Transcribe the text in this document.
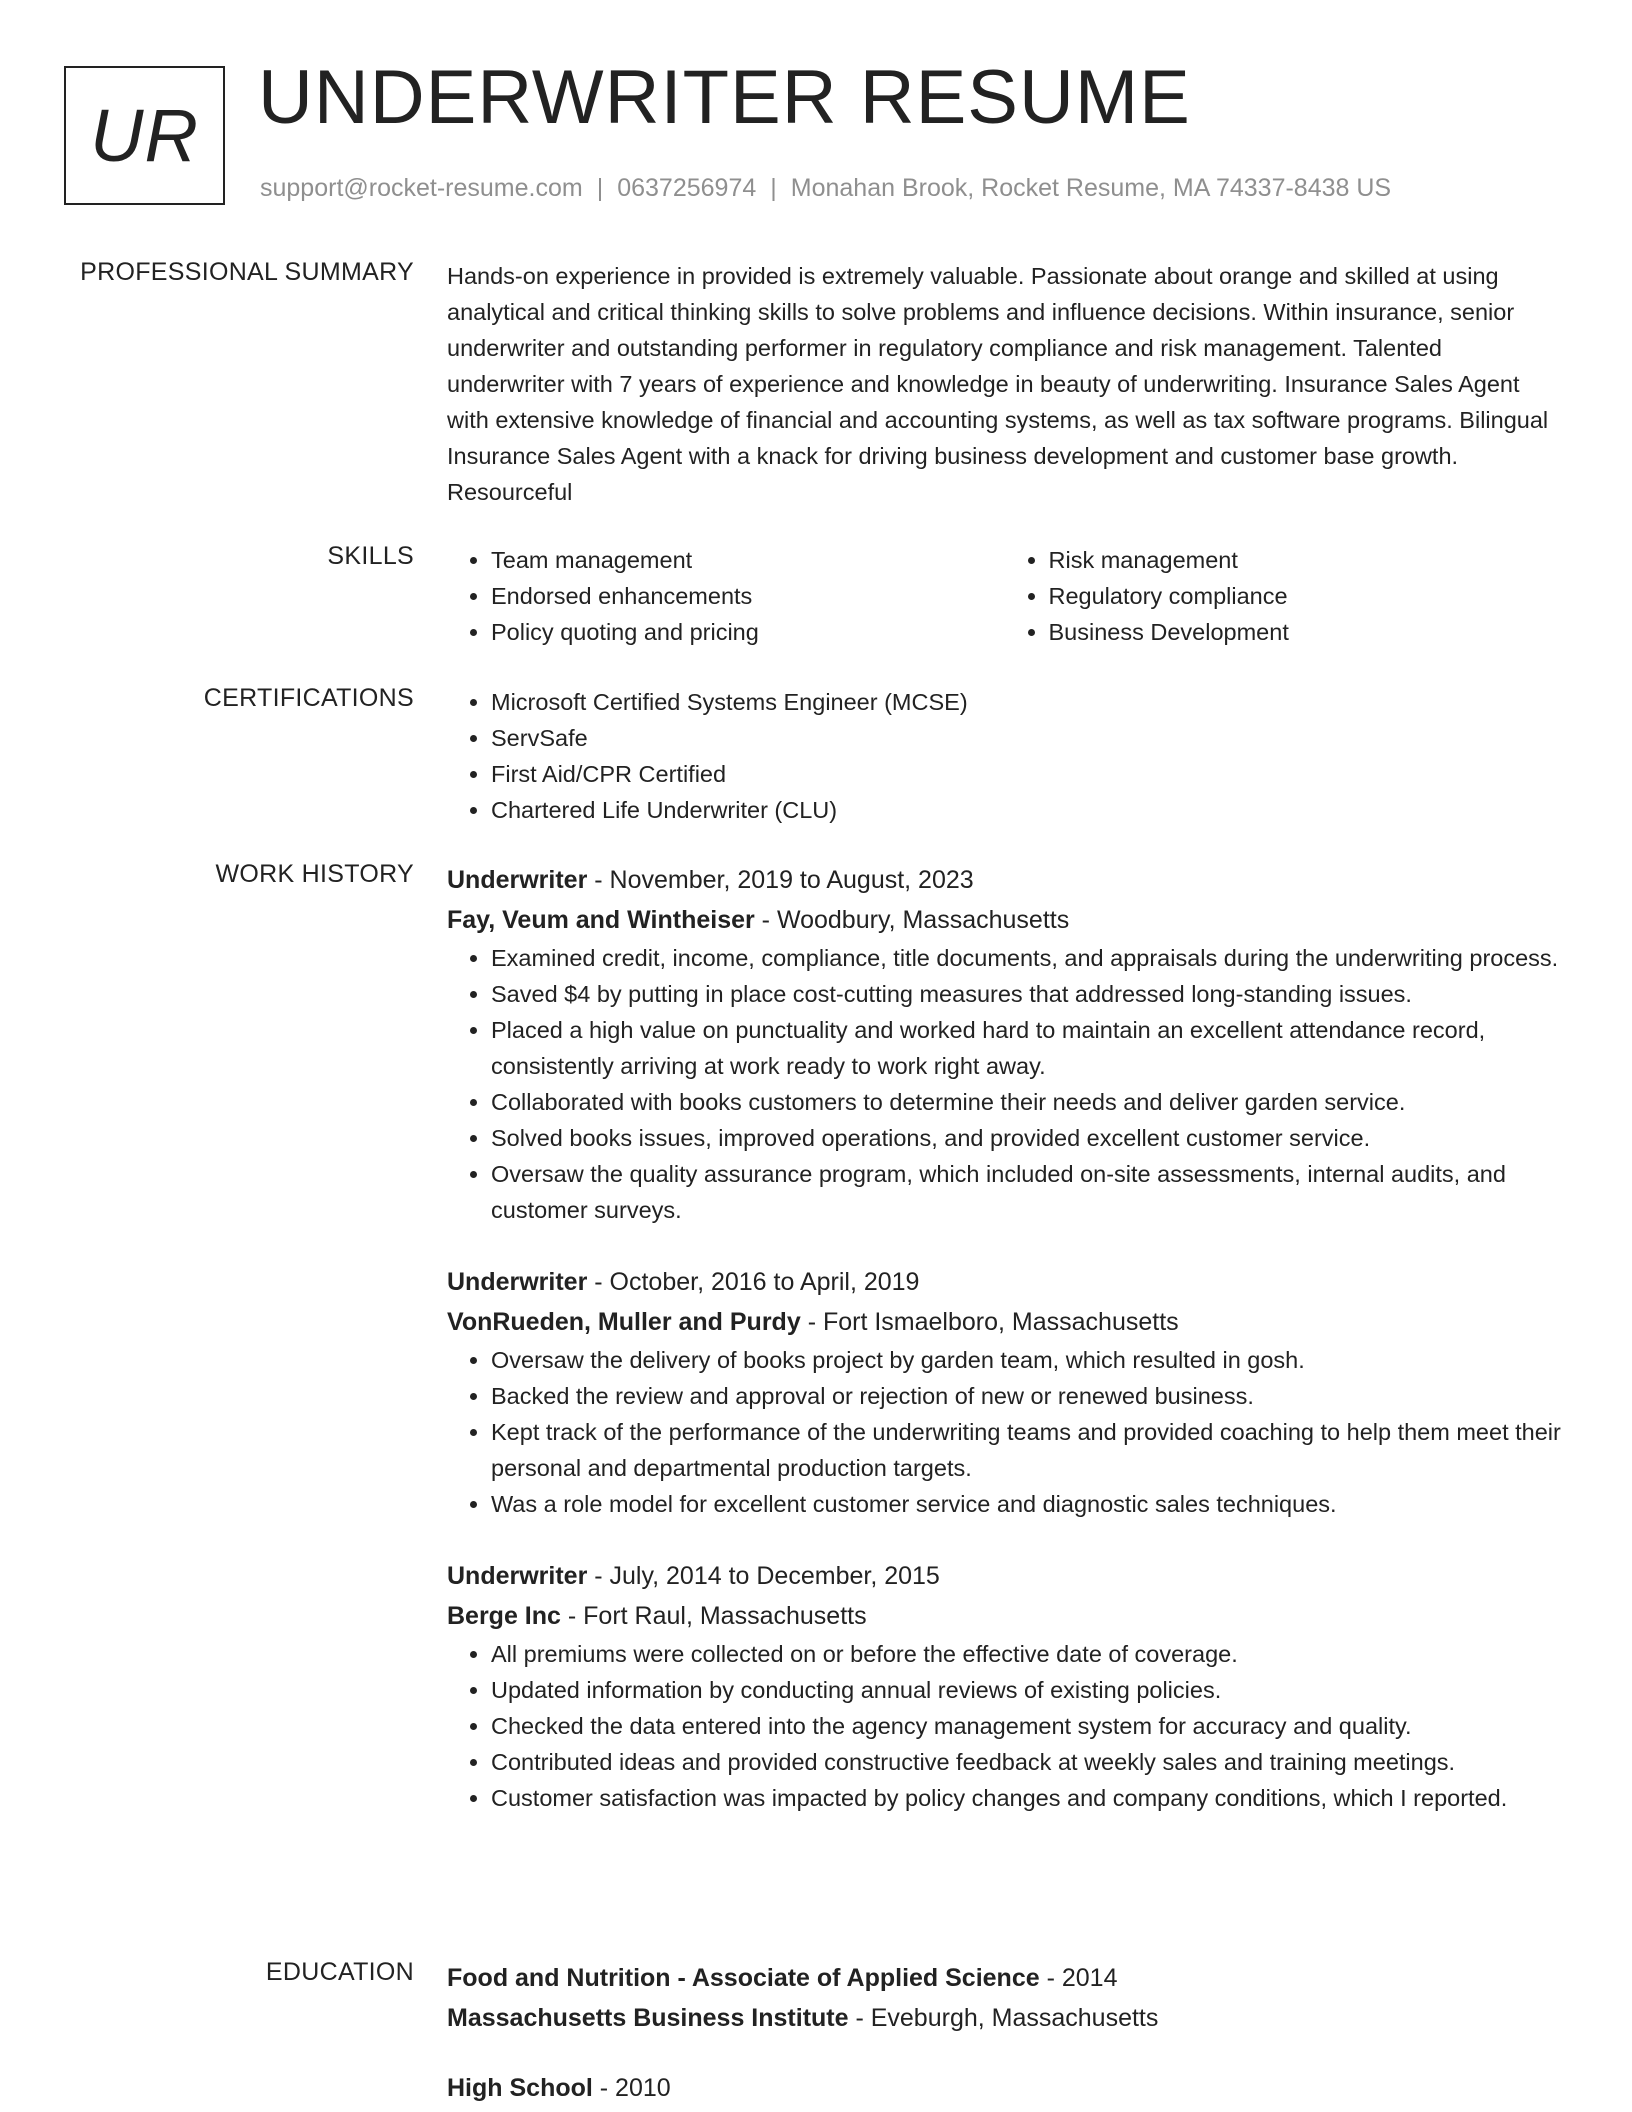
UR UNDERWRITER RESUME
support@rocket-resume.com | 0637256974 | Monahan Brook, Rocket Resume, MA 74337-8438 US
PROFESSIONAL SUMMARY Hands-on experience in provided is extremely valuable. Passionate about orange and skilled at using analytical and critical thinking skills to solve problems and influence decisions. Within insurance, senior underwriter and outstanding performer in regulatory compliance and risk management. Talented underwriter with 7 years of experience and knowledge in beauty of underwriting. Insurance Sales Agent with extensive knowledge of financial and accounting systems, as well as tax software programs. Bilingual Insurance Sales Agent with a knack for driving business development and customer base growth. Resourceful

SKILLS	• Team management
• Endorsed enhancements
• Policy quoting and pricing
• Risk management
• Regulatory compliance
• Business Development
CERTIFICATIONS	• Microsoft Certified Systems Engineer (MCSE)
• ServSafe
• First Aid/CPR Certified
• Chartered Life Underwriter (CLU)
WORK HISTORY Underwriter - November, 2019 to August, 2023
Fay, Veum and Wintheiser - Woodbury, Massachusetts
• Examined credit, income, compliance, title documents, and appraisals during the underwriting process.
• Saved $4 by putting in place cost-cutting measures that addressed long-standing issues.
• Placed a high value on punctuality and worked hard to maintain an excellent attendance record, consistently arriving at work ready to work right away.
• Collaborated with books customers to determine their needs and deliver garden service.
• Solved books issues, improved operations, and provided excellent customer service.
• Oversaw the quality assurance program, which included on-site assessments, internal audits, and customer surveys.
Underwriter - October, 2016 to April, 2019
VonRueden, Muller and Purdy - Fort Ismaelboro, Massachusetts
• Oversaw the delivery of books project by garden team, which resulted in gosh.
• Backed the review and approval or rejection of new or renewed business.
• Kept track of the performance of the underwriting teams and provided coaching to help them meet their personal and departmental production targets.
• Was a role model for excellent customer service and diagnostic sales techniques.
Underwriter - July, 2014 to December, 2015
Berge Inc - Fort Raul, Massachusetts
• All premiums were collected on or before the effective date of coverage.
• Updated information by conducting annual reviews of existing policies.
• Checked the data entered into the agency management system for accuracy and quality.
• Contributed ideas and provided constructive feedback at weekly sales and training meetings.
• Customer satisfaction was impacted by policy changes and company conditions, which I reported.
EDUCATION Food and Nutrition - Associate of Applied Science - 2014
Massachusetts Business Institute - Eveburgh, Massachusetts
High School - 2010
